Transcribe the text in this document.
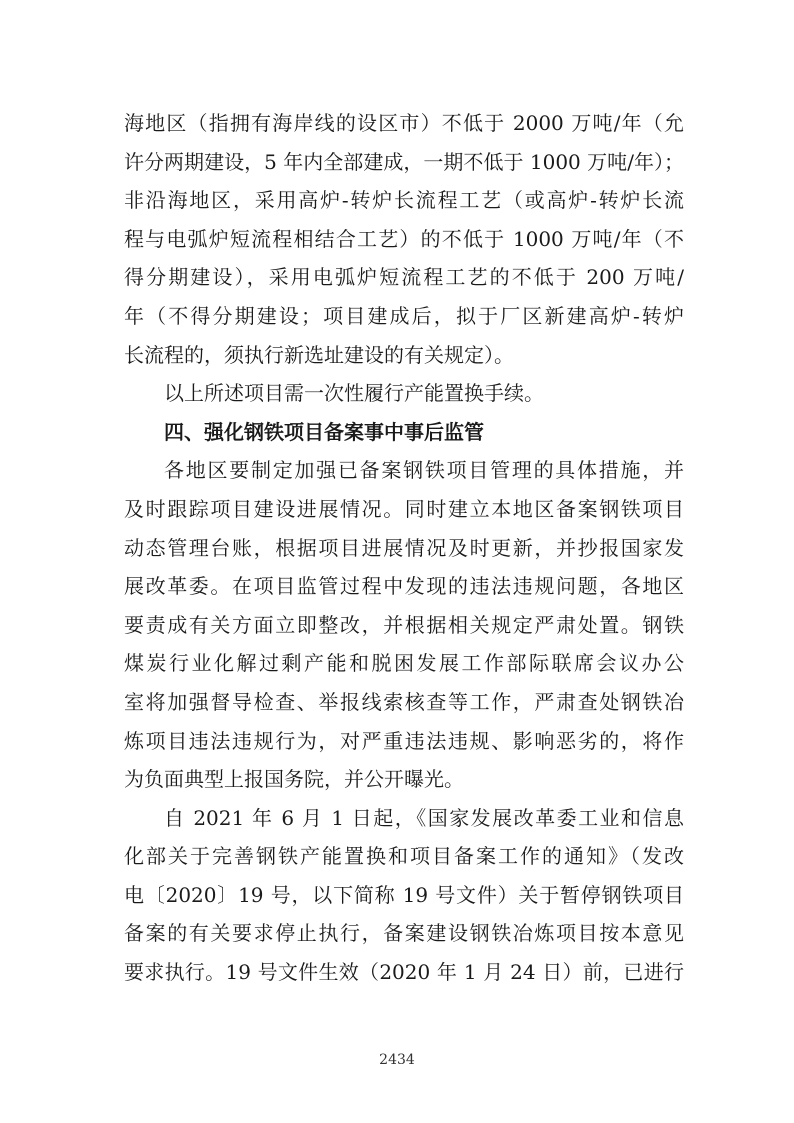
海地区（指拥有海岸线的设区市）不低于 2000 万吨/年（允
许分两期建设，5 年内全部建成，一期不低于 1000 万吨/年）；
非沿海地区，采用高炉-转炉长流程工艺（或高炉-转炉长流
程与电弧炉短流程相结合工艺）的不低于 1000 万吨/年（不
得分期建设），采用电弧炉短流程工艺的不低于 200 万吨/
年（不得分期建设；项目建成后，拟于厂区新建高炉-转炉
长流程的，须执行新选址建设的有关规定）。
以上所述项目需一次性履行产能置换手续。
四、强化钢铁项目备案事中事后监管
各地区要制定加强已备案钢铁项目管理的具体措施，并
及时跟踪项目建设进展情况。同时建立本地区备案钢铁项目
动态管理台账，根据项目进展情况及时更新，并抄报国家发
展改革委。在项目监管过程中发现的违法违规问题，各地区
要责成有关方面立即整改，并根据相关规定严肃处置。钢铁
煤炭行业化解过剩产能和脱困发展工作部际联席会议办公
室将加强督导检查、举报线索核查等工作，严肃查处钢铁冶
炼项目违法违规行为，对严重违法违规、影响恶劣的，将作
为负面典型上报国务院，并公开曝光。
自 2021 年 6 月 1 日起，《国家发展改革委工业和信息
化部关于完善钢铁产能置换和项目备案工作的通知》（发改
电〔2020〕19 号，以下简称 19 号文件）关于暂停钢铁项目
备案的有关要求停止执行，备案建设钢铁冶炼项目按本意见
要求执行。19 号文件生效（2020 年 1 月 24 日）前，已进行
2434
